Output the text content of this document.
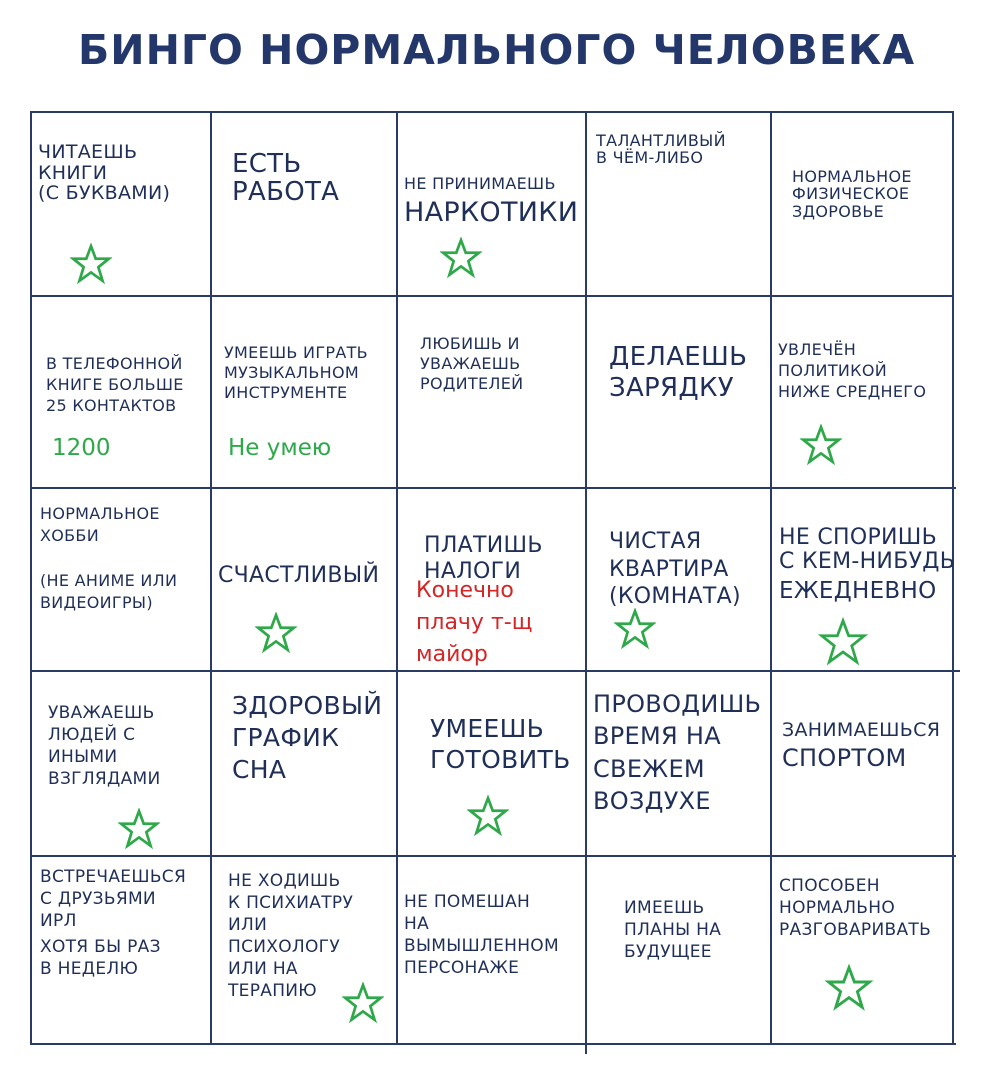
БИНГО НОРМАЛЬНОГО ЧЕЛОВЕКА
ЧИТАЕШЬ
КНИГИ
(С БУКВАМИ)
ЕСТЬ
РАБОТА	НЕ ПРИНИМАЕШЬ
НАРКОТИКИ
ТАЛАНТЛИВЫЙ
В ЧЁМ-ЛИБО
НОРМАЛЬНОЕ
ФИЗИЧЕСКОЕ
ЗДОРОВЬЕ
В ТЕЛЕФОННОЙ
КНИГЕ БОЛЬШЕ
25 КОНТАКТОВ
УМЕЕШЬ ИГРАТЬ
МУЗЫКАЛЬНОМ
ИНСТРУМЕНТЕ
ЛЮБИШЬ И
УВАЖАЕШЬ
РОДИТЕЛЕЙ
ДЕЛАЕШЬ
ЗАРЯДКУ
УВЛЕЧЁН
ПОЛИТИКОЙ
НИЖЕ СРЕДНЕГО
НОРМАЛЬНОЕ
ХОББИ
(НЕ АНИМЕ ИЛИ
ВИДЕОИГРЫ)
СЧАСТЛИВЫЙ
ПЛАТИШЬ
НАЛОГИ
ЧИСТАЯ
КВАРТИРА
(КОМНАТА)
НЕ СПОРИШЬ
С КЕМ-НИБУДЬ
ЕЖЕДНЕВНО
УВАЖАЕШЬ
ЛЮДЕЙ С
ИНЫМИ
ВЗГЛЯДАМИ
ЗДОРОВЫЙ
ГРАФИК
СНА
УМЕЕШЬ
ГОТОВИТЬ
ПРОВОДИШЬ
ВРЕМЯ НА
СВЕЖЕМ
ВОЗДУХЕ
ЗАНИМАЕШЬСЯ
СПОРТОМ
ВСТРЕЧАЕШЬСЯ
С ДРУЗЬЯМИ
ИРЛ
ХОТЯ БЫ РАЗ
В НЕДЕЛЮ
НЕ ХОДИШЬ
К ПСИХИАТРУ
ИЛИ
ПСИХОЛОГУ
ИЛИ НА
ТЕРАПИЮ
НЕ ПОМЕШАН
НА
ВЫМЫШЛЕННОМ
ПЕРСОНАЖЕ
ИМЕЕШЬ
ПЛАНЫ НА
БУДУЩЕЕ
СПОСОБЕН
НОРМАЛЬНО
РАЗГОВАРИВАТЬ
1200	Не умею
Конечно
плачу т-щ
майор
